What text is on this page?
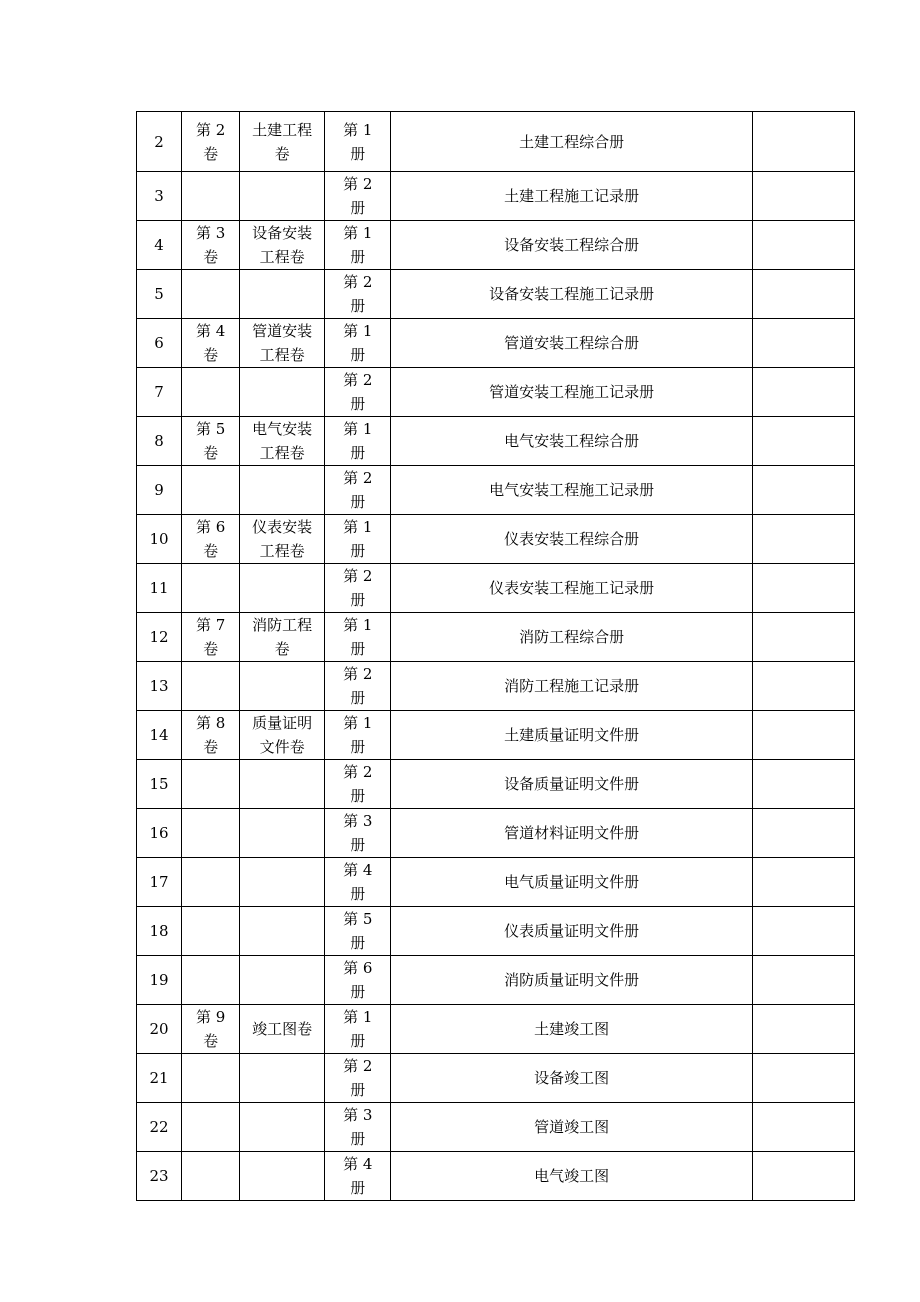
2	第 2 卷	土建工程卷	第 1 册	土建工程综合册	
3			第 2 册	土建工程施工记录册	
4	第 3 卷	设备安装工程卷	第 1 册	设备安装工程综合册	
5			第 2 册	设备安装工程施工记录册	
6	第 4 卷	管道安装工程卷	第 1 册	管道安装工程综合册	
7			第 2 册	管道安装工程施工记录册	
8	第 5 卷	电气安装工程卷	第 1 册	电气安装工程综合册	
9			第 2 册	电气安装工程施工记录册	
10	第 6 卷	仪表安装工程卷	第 1 册	仪表安装工程综合册	
11			第 2 册	仪表安装工程施工记录册	
12	第 7 卷	消防工程卷	第 1 册	消防工程综合册	
13			第 2 册	消防工程施工记录册	
14	第 8 卷	质量证明文件卷	第 1 册	土建质量证明文件册	
15			第 2 册	设备质量证明文件册	
16			第 3 册	管道材料证明文件册	
17			第 4 册	电气质量证明文件册	
18			第 5 册	仪表质量证明文件册	
19			第 6 册	消防质量证明文件册	
20	第 9 卷	竣工图卷	第 1 册	土建竣工图	
21			第 2 册	设备竣工图	
22			第 3 册	管道竣工图	
23			第 4 册	电气竣工图	
